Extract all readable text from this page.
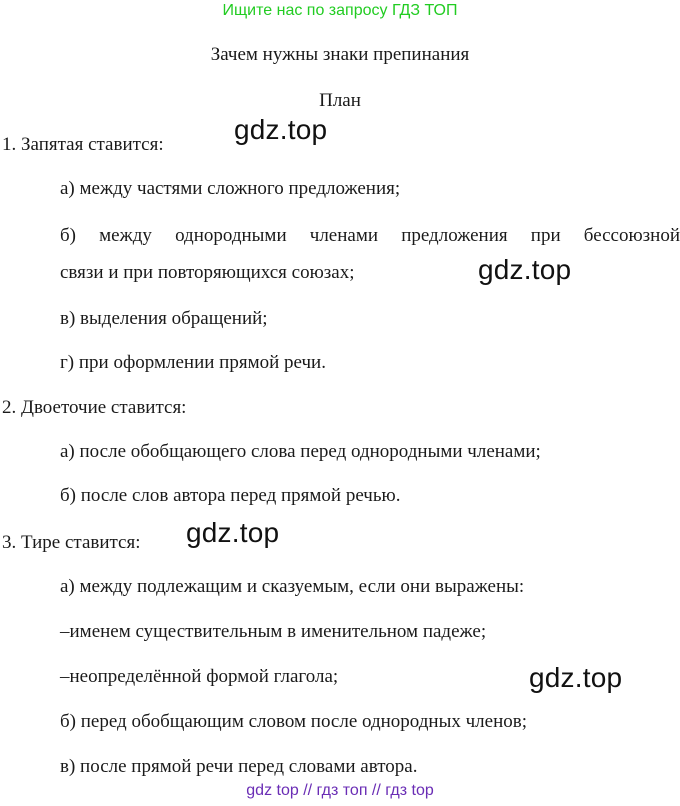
Ищите нас по запросу ГДЗ ТОП
Зачем нужны знаки препинания
План
1. Запятая ставится:
а) между частями сложного предложения;
б) между однородными членами предложения при бессоюзной
связи и при повторяющихся союзах;
в) выделения обращений;
г) при оформлении прямой речи.
2. Двоеточие ставится:
а) после обобщающего слова перед однородными членами;
б) после слов автора перед прямой речью.
3. Тире ставится:
а) между подлежащим и сказуемым, если они выражены:
–именем существительным в именительном падеже;
–неопределённой формой глагола;
б) перед обобщающим словом после однородных членов;
в) после прямой речи перед словами автора.
gdz.top
gdz.top
gdz.top
gdz.top
gdz top // гдз топ // гдз top
